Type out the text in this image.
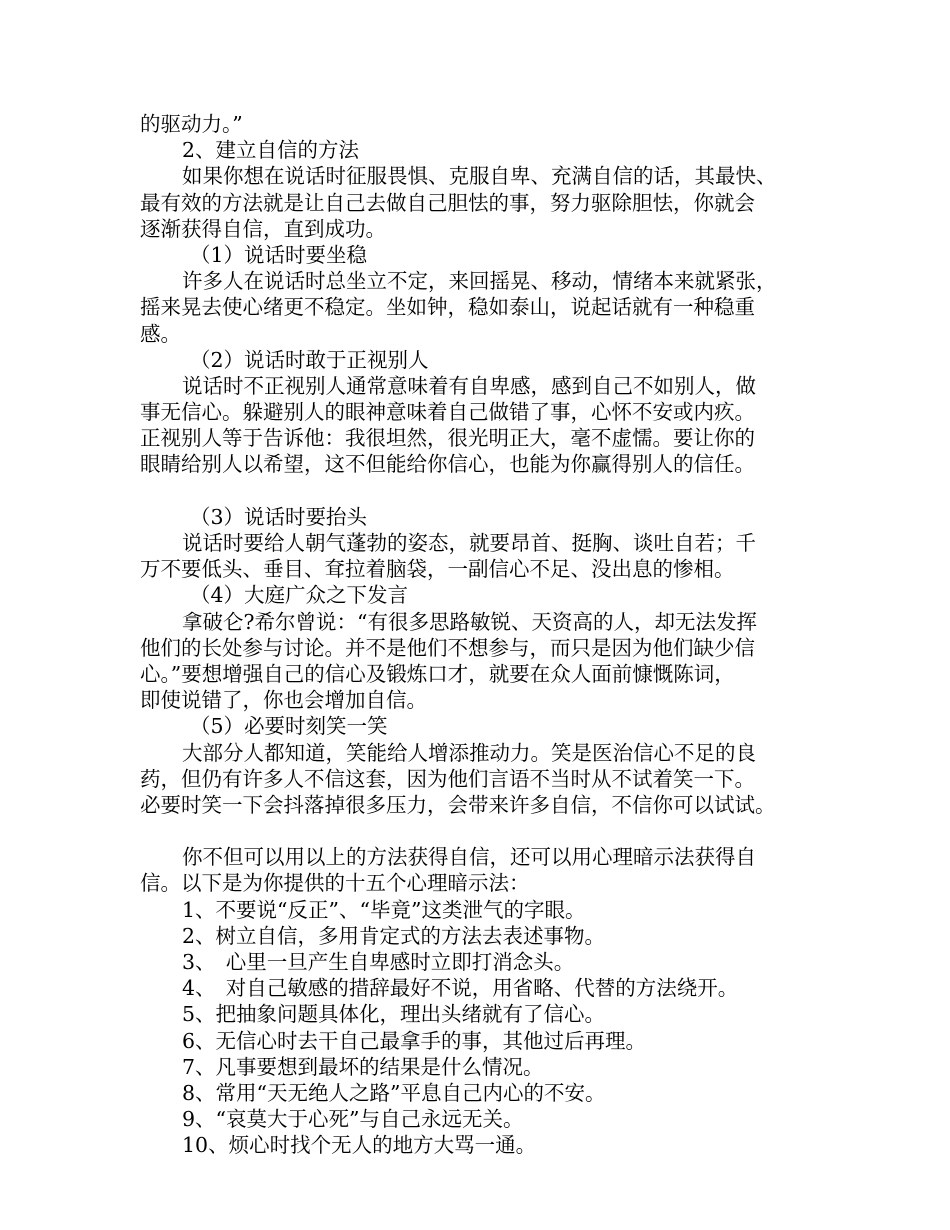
的驱动力。”
2、建立自信的方法
如果你想在说话时征服畏惧、克服自卑、充满自信的话，其最快、
最有效的方法就是让自己去做自己胆怯的事，努力驱除胆怯，你就会
逐渐获得自信，直到成功。
（1）说话时要坐稳
许多人在说话时总坐立不定，来回摇晃、移动，情绪本来就紧张，
摇来晃去使心绪更不稳定。坐如钟，稳如泰山，说起话就有一种稳重
感。
（2）说话时敢于正视别人
说话时不正视别人通常意味着有自卑感，感到自己不如别人，做
事无信心。躲避别人的眼神意味着自己做错了事，心怀不安或内疚。
正视别人等于告诉他：我很坦然，很光明正大，毫不虚懦。要让你的
眼睛给别人以希望，这不但能给你信心，也能为你赢得别人的信任。
（3）说话时要抬头
说话时要给人朝气蓬勃的姿态，就要昂首、挺胸、谈吐自若；千
万不要低头、垂目、耷拉着脑袋，一副信心不足、没出息的惨相。
（4）大庭广众之下发言
拿破仑?希尔曾说：“有很多思路敏锐、天资高的人，却无法发挥
他们的长处参与讨论。并不是他们不想参与，而只是因为他们缺少信
心。”要想增强自己的信心及锻炼口才，就要在众人面前慷慨陈词，
即使说错了，你也会增加自信。
（5）必要时刻笑一笑
大部分人都知道，笑能给人增添推动力。笑是医治信心不足的良
药，但仍有许多人不信这套，因为他们言语不当时从不试着笑一下。
必要时笑一下会抖落掉很多压力，会带来许多自信，不信你可以试试。
你不但可以用以上的方法获得自信，还可以用心理暗示法获得自
信。以下是为你提供的十五个心理暗示法：
1、不要说“反正”、“毕竟”这类泄气的字眼。
2、树立自信，多用肯定式的方法去表述事物。
3、　心里一旦产生自卑感时立即打消念头。
4、　对自己敏感的措辞最好不说，用省略、代替的方法绕开。
5、把抽象问题具体化，理出头绪就有了信心。
6、无信心时去干自己最拿手的事，其他过后再理。
7、凡事要想到最坏的结果是什么情况。
8、常用“天无绝人之路”平息自己内心的不安。
9、“哀莫大于心死”与自己永远无关。
10、烦心时找个无人的地方大骂一通。
